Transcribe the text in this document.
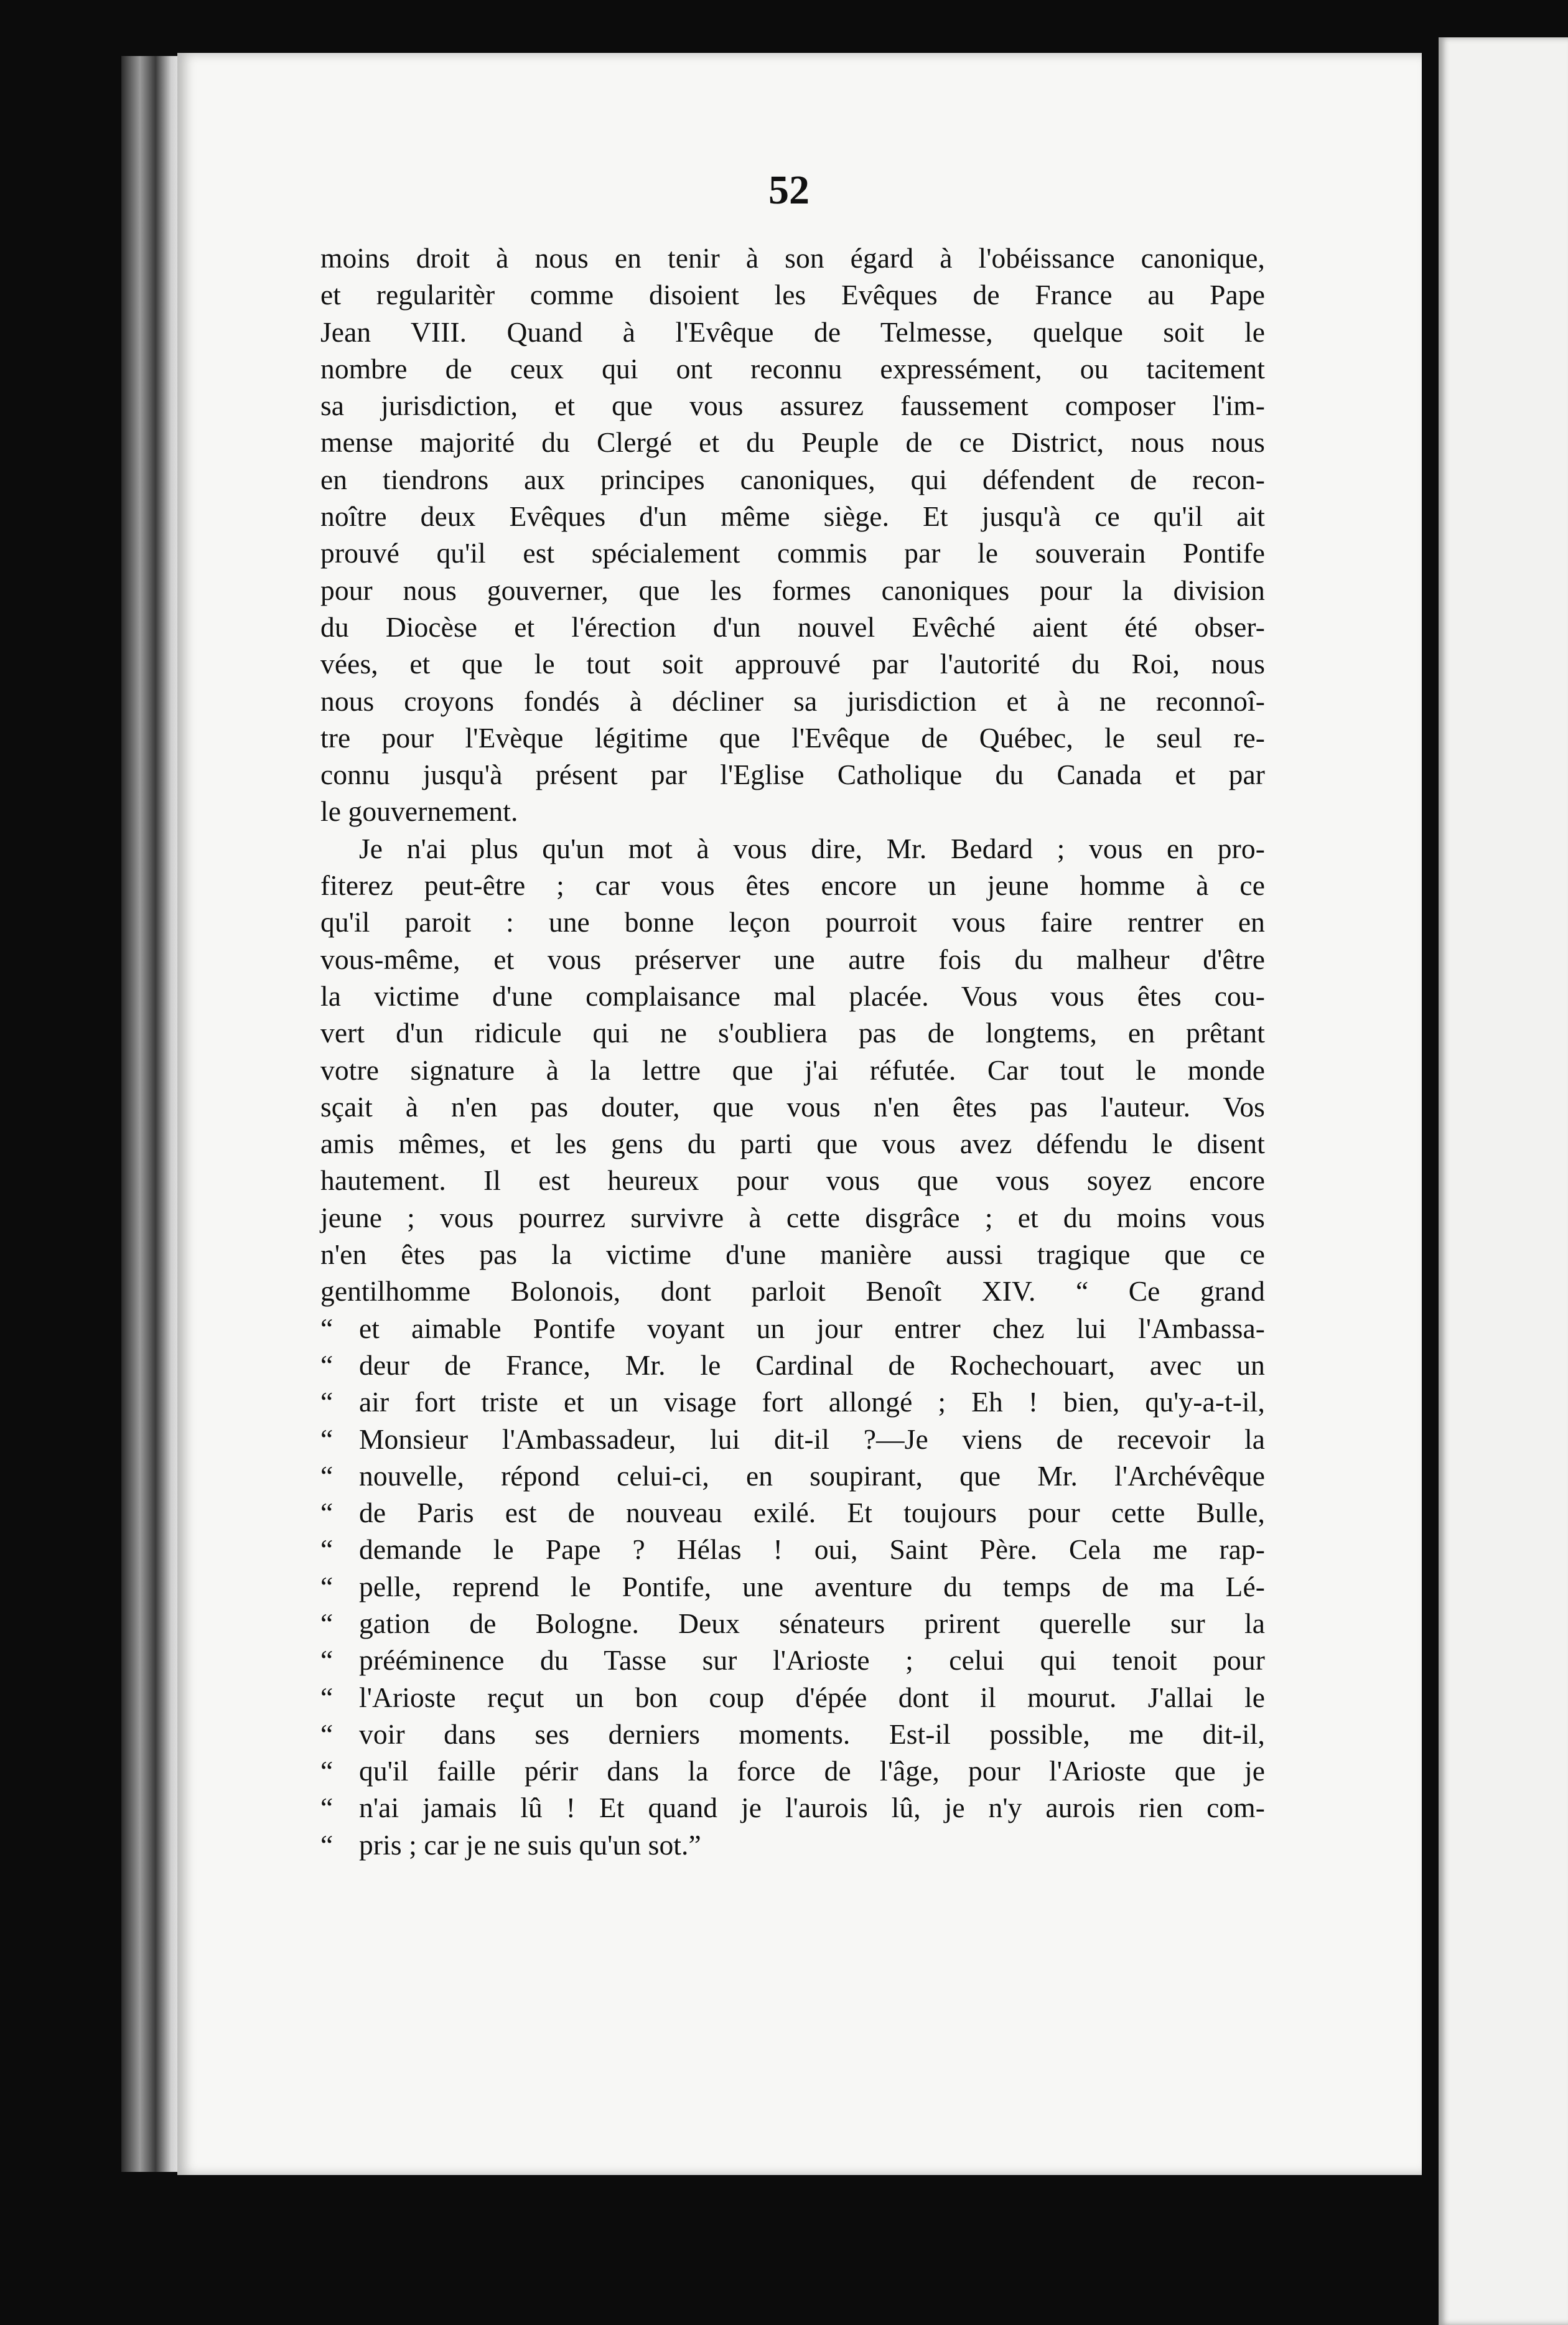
52
moins droit à nous en tenir à son égard à l'obéissance canonique,
et regularitèr comme disoient les Evêques de France au Pape
Jean VIII. Quand à l'Evêque de Telmesse, quelque soit le
nombre de ceux qui ont reconnu expressément, ou tacitement
sa jurisdiction, et que vous assurez faussement composer l'im-
mense majorité du Clergé et du Peuple de ce District, nous nous
en tiendrons aux principes canoniques, qui défendent de recon-
noître deux Evêques d'un même siège. Et jusqu'à ce qu'il ait
prouvé qu'il est spécialement commis par le souverain Pontife
pour nous gouverner, que les formes canoniques pour la division
du Diocèse et l'érection d'un nouvel Evêché aient été obser-
vées, et que le tout soit approuvé par l'autorité du Roi, nous
nous croyons fondés à décliner sa jurisdiction et à ne reconnoî-
tre pour l'Evèque légitime que l'Evêque de Québec, le seul re-
connu jusqu'à présent par l'Eglise Catholique du Canada et par
le gouvernement.
Je n'ai plus qu'un mot à vous dire, Mr. Bedard ; vous en pro-
fiterez peut-être ; car vous êtes encore un jeune homme à ce
qu'il paroit : une bonne leçon pourroit vous faire rentrer en
vous-même, et vous préserver une autre fois du malheur d'être
la victime d'une complaisance mal placée. Vous vous êtes cou-
vert d'un ridicule qui ne s'oubliera pas de longtems, en prêtant
votre signature à la lettre que j'ai réfutée. Car tout le monde
sçait à n'en pas douter, que vous n'en êtes pas l'auteur. Vos
amis mêmes, et les gens du parti que vous avez défendu le disent
hautement. Il est heureux pour vous que vous soyez encore
jeune ; vous pourrez survivre à cette disgrâce ; et du moins vous
n'en êtes pas la victime d'une manière aussi tragique que ce
gentilhomme Bolonois, dont parloit Benoît XIV. “ Ce grand
“ et aimable Pontife voyant un jour entrer chez lui l'Ambassa-
“ deur de France, Mr. le Cardinal de Rochechouart, avec un
“ air fort triste et un visage fort allongé ; Eh ! bien, qu'y-a-t-il,
“ Monsieur l'Ambassadeur, lui dit-il ?—Je viens de recevoir la
“ nouvelle, répond celui-ci, en soupirant, que Mr. l'Archévêque
“ de Paris est de nouveau exilé. Et toujours pour cette Bulle,
“ demande le Pape ? Hélas ! oui, Saint Père. Cela me rap-
“ pelle, reprend le Pontife, une aventure du temps de ma Lé-
“ gation de Bologne. Deux sénateurs prirent querelle sur la
“ prééminence du Tasse sur l'Arioste ; celui qui tenoit pour
“ l'Arioste reçut un bon coup d'épée dont il mourut. J'allai le
“ voir dans ses derniers moments. Est-il possible, me dit-il,
“ qu'il faille périr dans la force de l'âge, pour l'Arioste que je
“ n'ai jamais lû ! Et quand je l'aurois lû, je n'y aurois rien com-
“ pris ; car je ne suis qu'un sot.”
